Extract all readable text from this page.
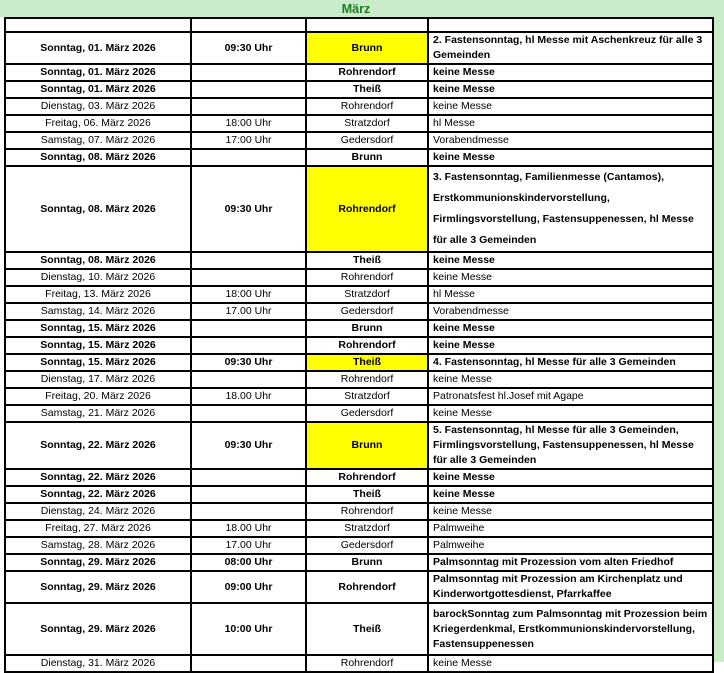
März

Sonntag, 01. März 2026	09:30 Uhr	Brunn	2. Fastensonntag, hl Messe mit Aschenkreuz für alle 3 Gemeinden
Sonntag, 01. März 2026		Rohrendorf	keine Messe
Sonntag, 01. März 2026		Theiß	keine Messe
Dienstag, 03. März 2026		Rohrendorf	keine Messe
Freitag, 06. März 2026	18:00 Uhr	Stratzdorf	hl Messe
Samstag, 07. März 2026	17:00 Uhr	Gedersdorf	Vorabendmesse
Sonntag, 08. März 2026		Brunn	keine Messe
Sonntag, 08. März 2026	09:30 Uhr	Rohrendorf	3. Fastensonntag, Familienmesse (Cantamos), Erstkommunionskindervorstellung, Firmlingsvorstellung, Fastensuppenessen, hl Messe für alle 3 Gemeinden
Sonntag, 08. März 2026		Theiß	keine Messe
Dienstag, 10. März 2026		Rohrendorf	keine Messe
Freitag, 13. März 2026	18:00 Uhr	Stratzdorf	hl Messe
Samstag, 14. März 2026	17.00 Uhr	Gedersdorf	Vorabendmesse
Sonntag, 15. März 2026		Brunn	keine Messe
Sonntag, 15. März 2026		Rohrendorf	keine Messe
Sonntag, 15. März 2026	09:30 Uhr	Theiß	4. Fastensonntag, hl Messe für alle 3 Gemeinden
Dienstag, 17. März 2026		Rohrendorf	keine Messe
Freitag, 20. März 2026	18.00 Uhr	Stratzdorf	Patronatsfest hl.Josef mit Agape
Samstag, 21. März 2026		Gedersdorf	keine Messe
Sonntag, 22. März 2026	09:30 Uhr	Brunn	5. Fastensonntag, hl Messe für alle 3 Gemeinden, Firmlingsvorstellung, Fastensuppenessen, hl Messe für alle 3 Gemeinden
Sonntag, 22. März 2026		Rohrendorf	keine Messe
Sonntag, 22. März 2026		Theiß	keine Messe
Dienstag, 24. März 2026		Rohrendorf	keine Messe
Freitag, 27. März 2026	18.00 Uhr	Stratzdorf	Palmweihe
Samstag, 28. März 2026	17.00 Uhr	Gedersdorf	Palmweihe
Sonntag, 29. März 2026	08:00 Uhr	Brunn	Palmsonntag mit Prozession vom alten Friedhof
Sonntag, 29. März 2026	09:00 Uhr	Rohrendorf	Palmsonntag mit Prozession am Kirchenplatz und Kinderwortgottesdienst, Pfarrkaffee
Sonntag, 29. März 2026	10:00 Uhr	Theiß	barockSonntag zum Palmsonntag mit Prozession beim Kriegerdenkmal, Erstkommunionskindervorstellung, Fastensuppenessen
Dienstag, 31. März 2026		Rohrendorf	keine Messe
